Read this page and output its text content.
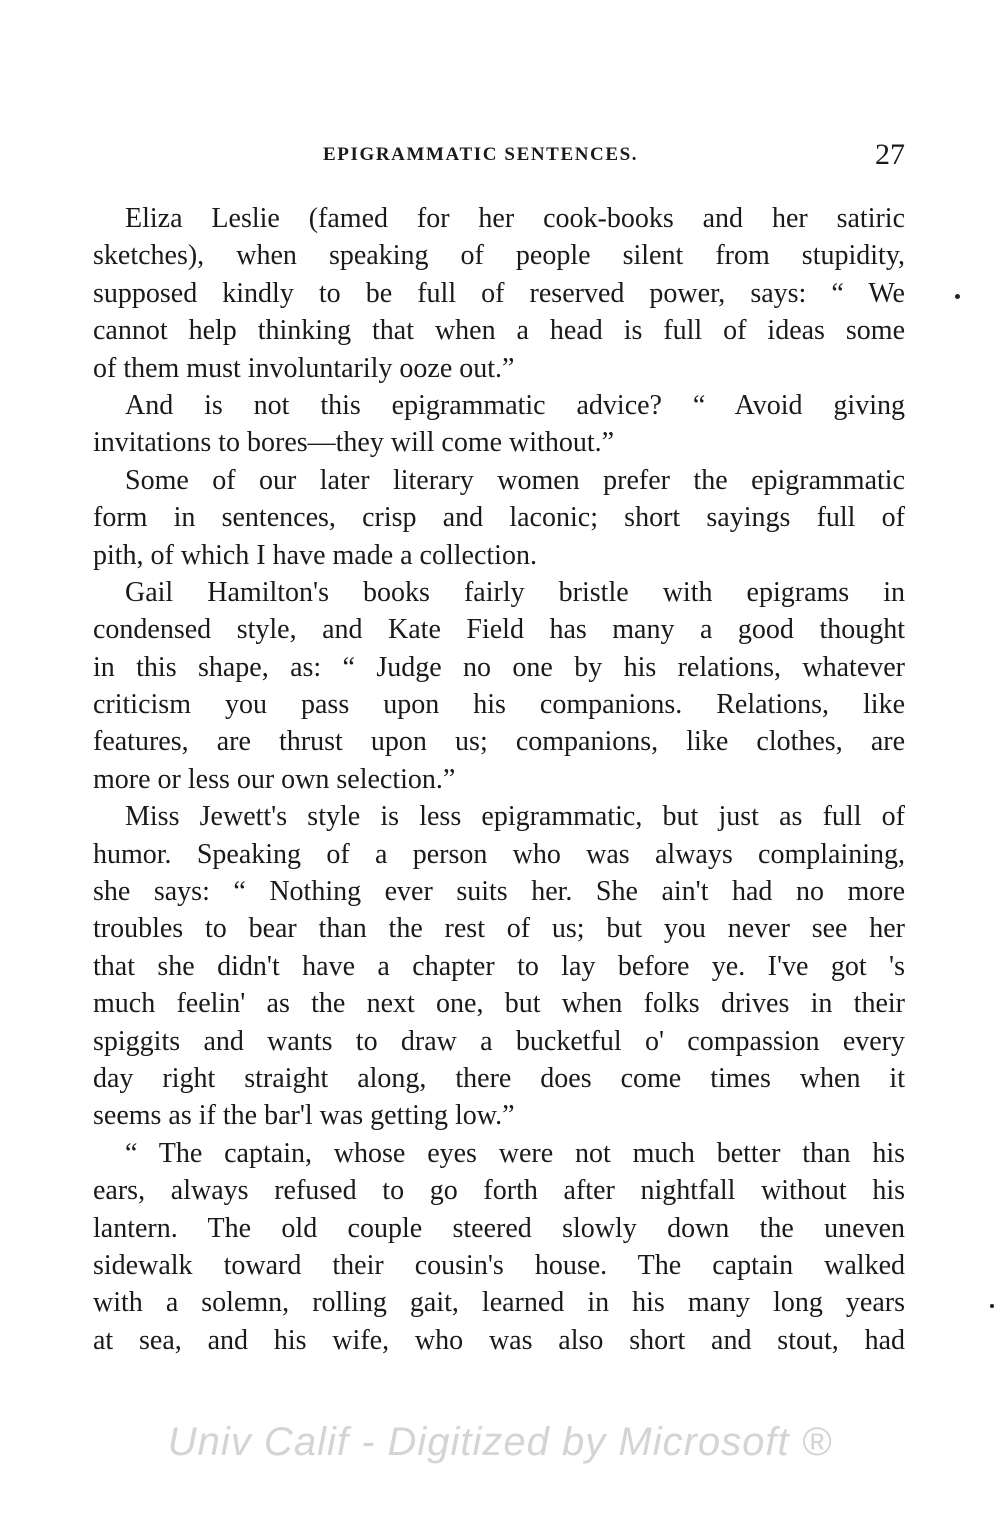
EPIGRAMMATIC SENTENCES.	27
Eliza Leslie (famed for her cook-books and her satiric
sketches), when speaking of people silent from stupidity,
supposed kindly to be full of reserved power, says: “ We
cannot help thinking that when a head is full of ideas some
of them must involuntarily ooze out.”
And is not this epigrammatic advice? “ Avoid giving
invitations to bores—they will come without.”
Some of our later literary women prefer the epigrammatic
form in sentences, crisp and laconic; short sayings full of
pith, of which I have made a collection.
Gail Hamilton's books fairly bristle with epigrams in
condensed style, and Kate Field has many a good thought
in this shape, as: “ Judge no one by his relations, whatever
criticism you pass upon his companions. Relations, like
features, are thrust upon us; companions, like clothes, are
more or less our own selection.”
Miss Jewett's style is less epigrammatic, but just as full of
humor. Speaking of a person who was always complaining,
she says: “ Nothing ever suits her. She ain't had no more
troubles to bear than the rest of us; but you never see her
that she didn't have a chapter to lay before ye. I've got 's
much feelin' as the next one, but when folks drives in their
spiggits and wants to draw a bucketful o' compassion every
day right straight along, there does come times when it
seems as if the bar'l was getting low.”
“ The captain, whose eyes were not much better than his
ears, always refused to go forth after nightfall without his
lantern. The old couple steered slowly down the uneven
sidewalk toward their cousin's house. The captain walked
with a solemn, rolling gait, learned in his many long years
at sea, and his wife, who was also short and stout, had
Univ Calif - Digitized by Microsoft ®
